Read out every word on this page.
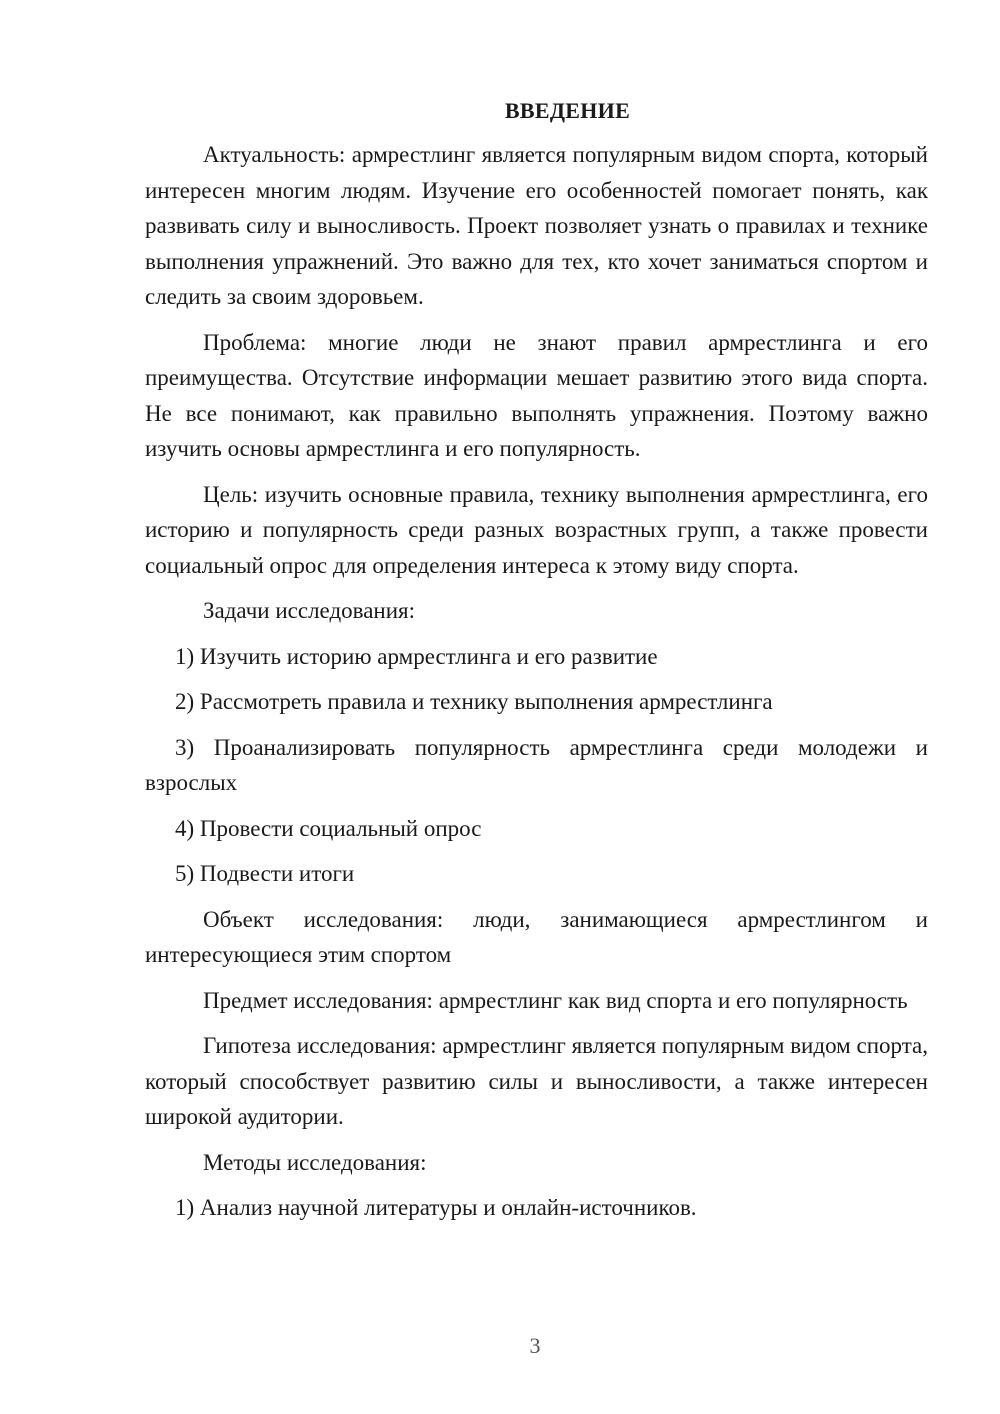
ВВЕДЕНИЕ

Актуальность: армрестлинг является популярным видом спорта, который интересен многим людям. Изучение его особенностей помогает понять, как развивать силу и выносливость. Проект позволяет узнать о правилах и технике выполнения упражнений. Это важно для тех, кто хочет заниматься спортом и следить за своим здоровьем.

Проблема: многие люди не знают правил армрестлинга и его преимущества. Отсутствие информации мешает развитию этого вида спорта. Не все понимают, как правильно выполнять упражнения. Поэтому важно изучить основы армрестлинга и его популярность.

Цель: изучить основные правила, технику выполнения армрестлинга, его историю и популярность среди разных возрастных групп, а также провести социальный опрос для определения интереса к этому виду спорта.

Задачи исследования:

1) Изучить историю армрестлинга и его развитие

2) Рассмотреть правила и технику выполнения армрестлинга

3) Проанализировать популярность армрестлинга среди молодежи и взрослых

4) Провести социальный опрос

5) Подвести итоги

Объект исследования: люди, занимающиеся армрестлингом и интересующиеся этим спортом

Предмет исследования: армрестлинг как вид спорта и его популярность

Гипотеза исследования: армрестлинг является популярным видом спорта, который способствует развитию силы и выносливости, а также интересен широкой аудитории.

Методы исследования:

1) Анализ научной литературы и онлайн-источников.

3
